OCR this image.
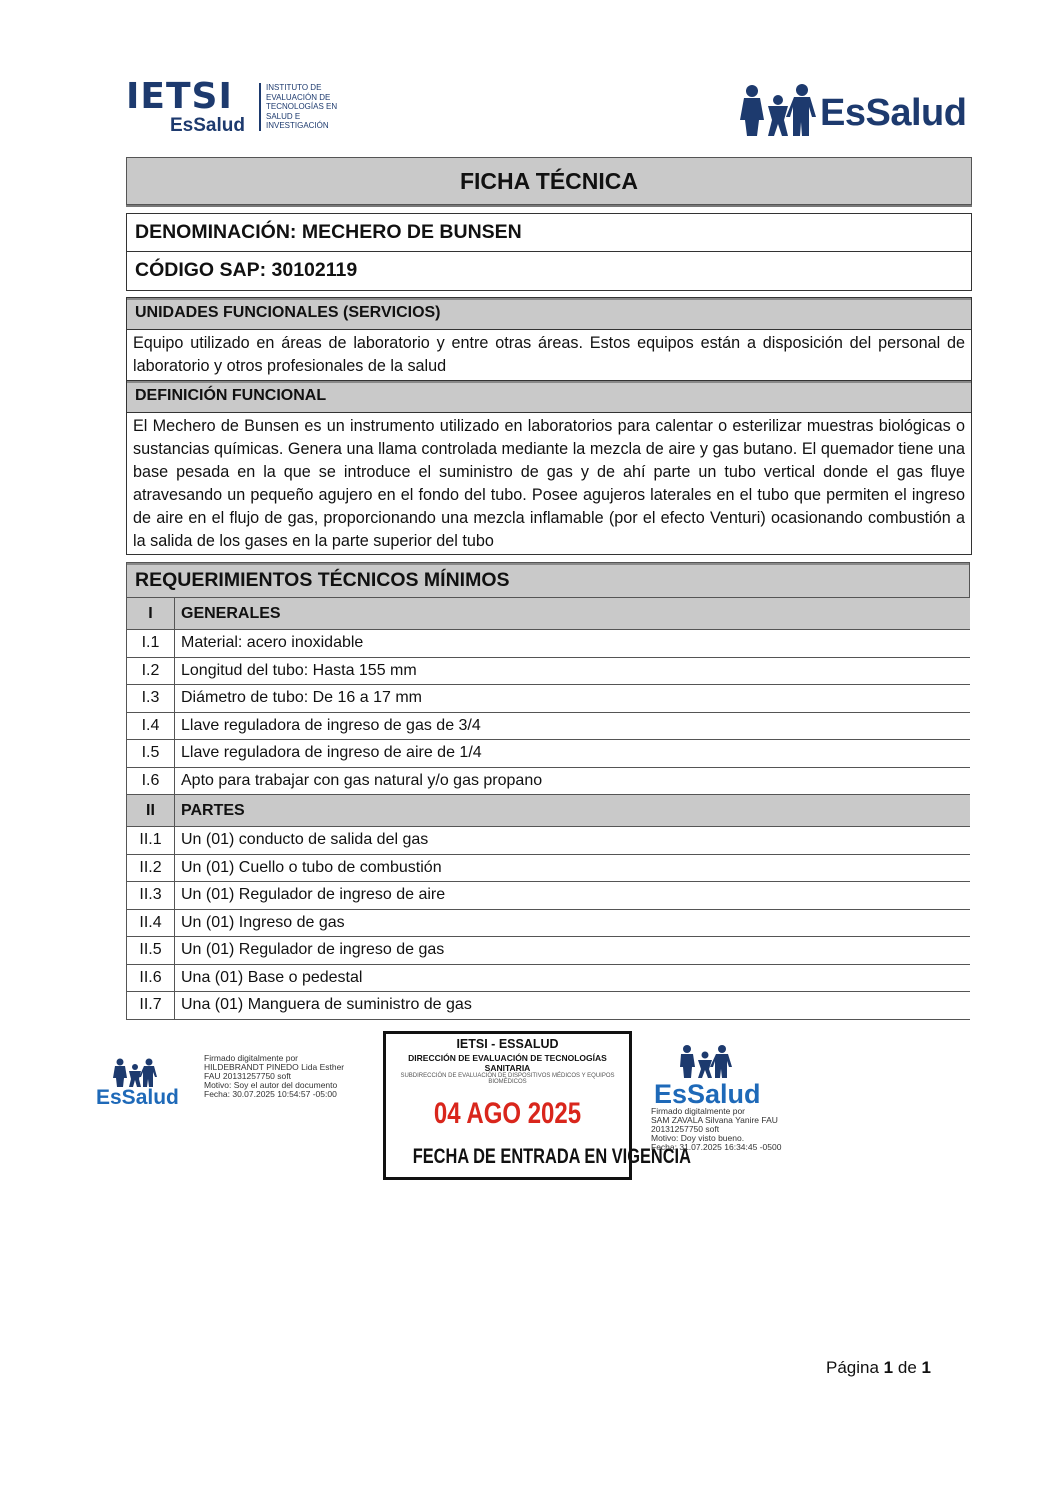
IETSI
EsSalud
INSTITUTO DE
EVALUACIÓN DE
TECNOLOGÍAS EN
SALUD E
INVESTIGACIÓN	EsSalud
FICHA TÉCNICA
DENOMINACIÓN: MECHERO DE BUNSEN
CÓDIGO SAP: 30102119
UNIDADES FUNCIONALES (SERVICIOS)
Equipo utilizado en áreas de laboratorio y entre otras áreas. Estos equipos están a disposición del personal de laboratorio y otros profesionales de la salud
DEFINICIÓN FUNCIONAL
El Mechero de Bunsen es un instrumento utilizado en laboratorios para calentar o esterilizar muestras biológicas o sustancias químicas. Genera una llama controlada mediante la mezcla de aire y gas butano. El quemador tiene una base pesada en la que se introduce el suministro de gas y de ahí parte un tubo vertical donde el gas fluye atravesando un pequeño agujero en el fondo del tubo. Posee agujeros laterales en el tubo que permiten el ingreso de aire en el flujo de gas, proporcionando una mezcla inflamable (por el efecto Venturi) ocasionando combustión a la salida de los gases en la parte superior del tubo
REQUERIMIENTOS TÉCNICOS MÍNIMOS
I	GENERALES
I.1	Material: acero inoxidable
I.2	Longitud del tubo: Hasta 155 mm
I.3	Diámetro de tubo: De 16 a 17 mm
I.4	Llave reguladora de ingreso de gas de 3/4
I.5	Llave reguladora de ingreso de aire de 1/4
I.6	Apto para trabajar con gas natural y/o gas propano
II	PARTES
II.1	Un (01) conducto de salida del gas
II.2	Un (01) Cuello o tubo de combustión
II.3	Un (01) Regulador de ingreso de aire
II.4	Un (01) Ingreso de gas
II.5	Un (01) Regulador de ingreso de gas
II.6	Una (01) Base o pedestal
II.7	Una (01) Manguera de suministro de gas
EsSalud
Firmado digitalmente por
HILDEBRANDT PINEDO Lida Esther
FAU 20131257750 soft
Motivo: Soy el autor del documento
Fecha: 30.07.2025 10:54:57 -05:00
IETSI - ESSALUD
DIRECCIÓN DE EVALUACIÓN DE TECNOLOGÍAS SANITARIA
SUBDIRECCIÓN DE EVALUACIÓN DE DISPOSITIVOS MÉDICOS Y EQUIPOS BIOMÉDICOS
04 AGO 2025
FECHA DE ENTRADA EN VIGENCIA
EsSalud
Firmado digitalmente por
SAM ZAVALA Silvana Yanire FAU
20131257750 soft
Motivo: Doy visto bueno.
Fecha: 31.07.2025 16:34:45 -0500
Página 1 de 1
